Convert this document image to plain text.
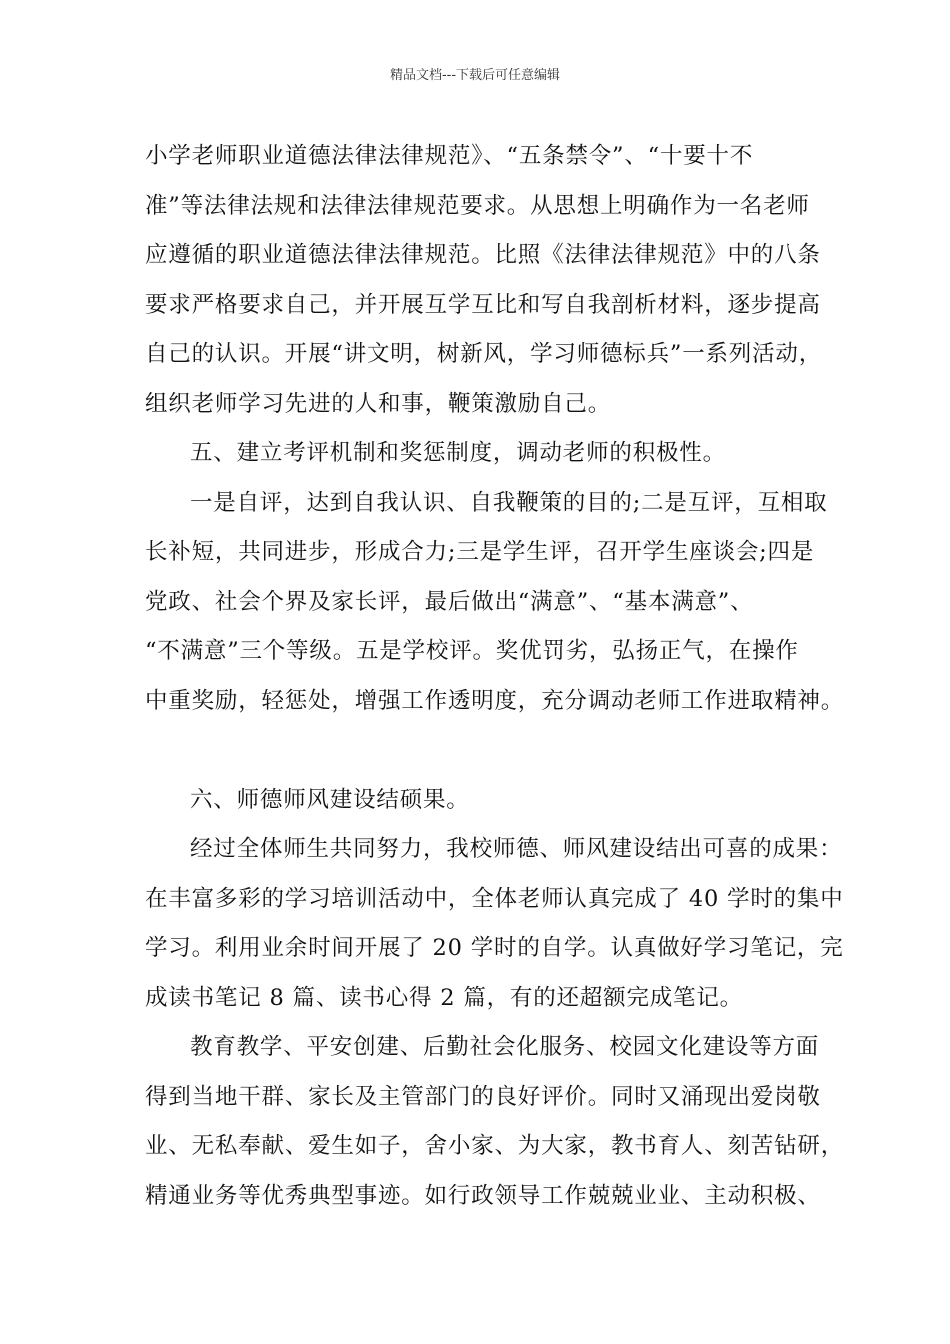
精品文档---下载后可任意编辑
小学老师职业道德法律法律规范》、“五条禁令”、“十要十不
准”等法律法规和法律法律规范要求。从思想上明确作为一名老师
应遵循的职业道德法律法律规范。比照《法律法律规范》中的八条
要求严格要求自己，并开展互学互比和写自我剖析材料，逐步提高
自己的认识。开展“讲文明，树新风，学习师德标兵”一系列活动，
组织老师学习先进的人和事，鞭策激励自己。
五、建立考评机制和奖惩制度，调动老师的积极性。
一是自评，达到自我认识、自我鞭策的目的;二是互评，互相取
长补短，共同进步，形成合力;三是学生评，召开学生座谈会;四是
党政、社会个界及家长评，最后做出“满意”、“基本满意”、
“不满意”三个等级。五是学校评。奖优罚劣，弘扬正气，在操作
中重奖励，轻惩处，增强工作透明度，充分调动老师工作进取精神。
六、师德师风建设结硕果。
经过全体师生共同努力，我校师德、师风建设结出可喜的成果：
在丰富多彩的学习培训活动中，全体老师认真完成了 40 学时的集中
学习。利用业余时间开展了 20 学时的自学。认真做好学习笔记，完
成读书笔记 8 篇、读书心得 2 篇，有的还超额完成笔记。
教育教学、平安创建、后勤社会化服务、校园文化建设等方面
得到当地干群、家长及主管部门的良好评价。同时又涌现出爱岗敬
业、无私奉献、爱生如子，舍小家、为大家，教书育人、刻苦钻研，
精通业务等优秀典型事迹。如行政领导工作兢兢业业、主动积极、
